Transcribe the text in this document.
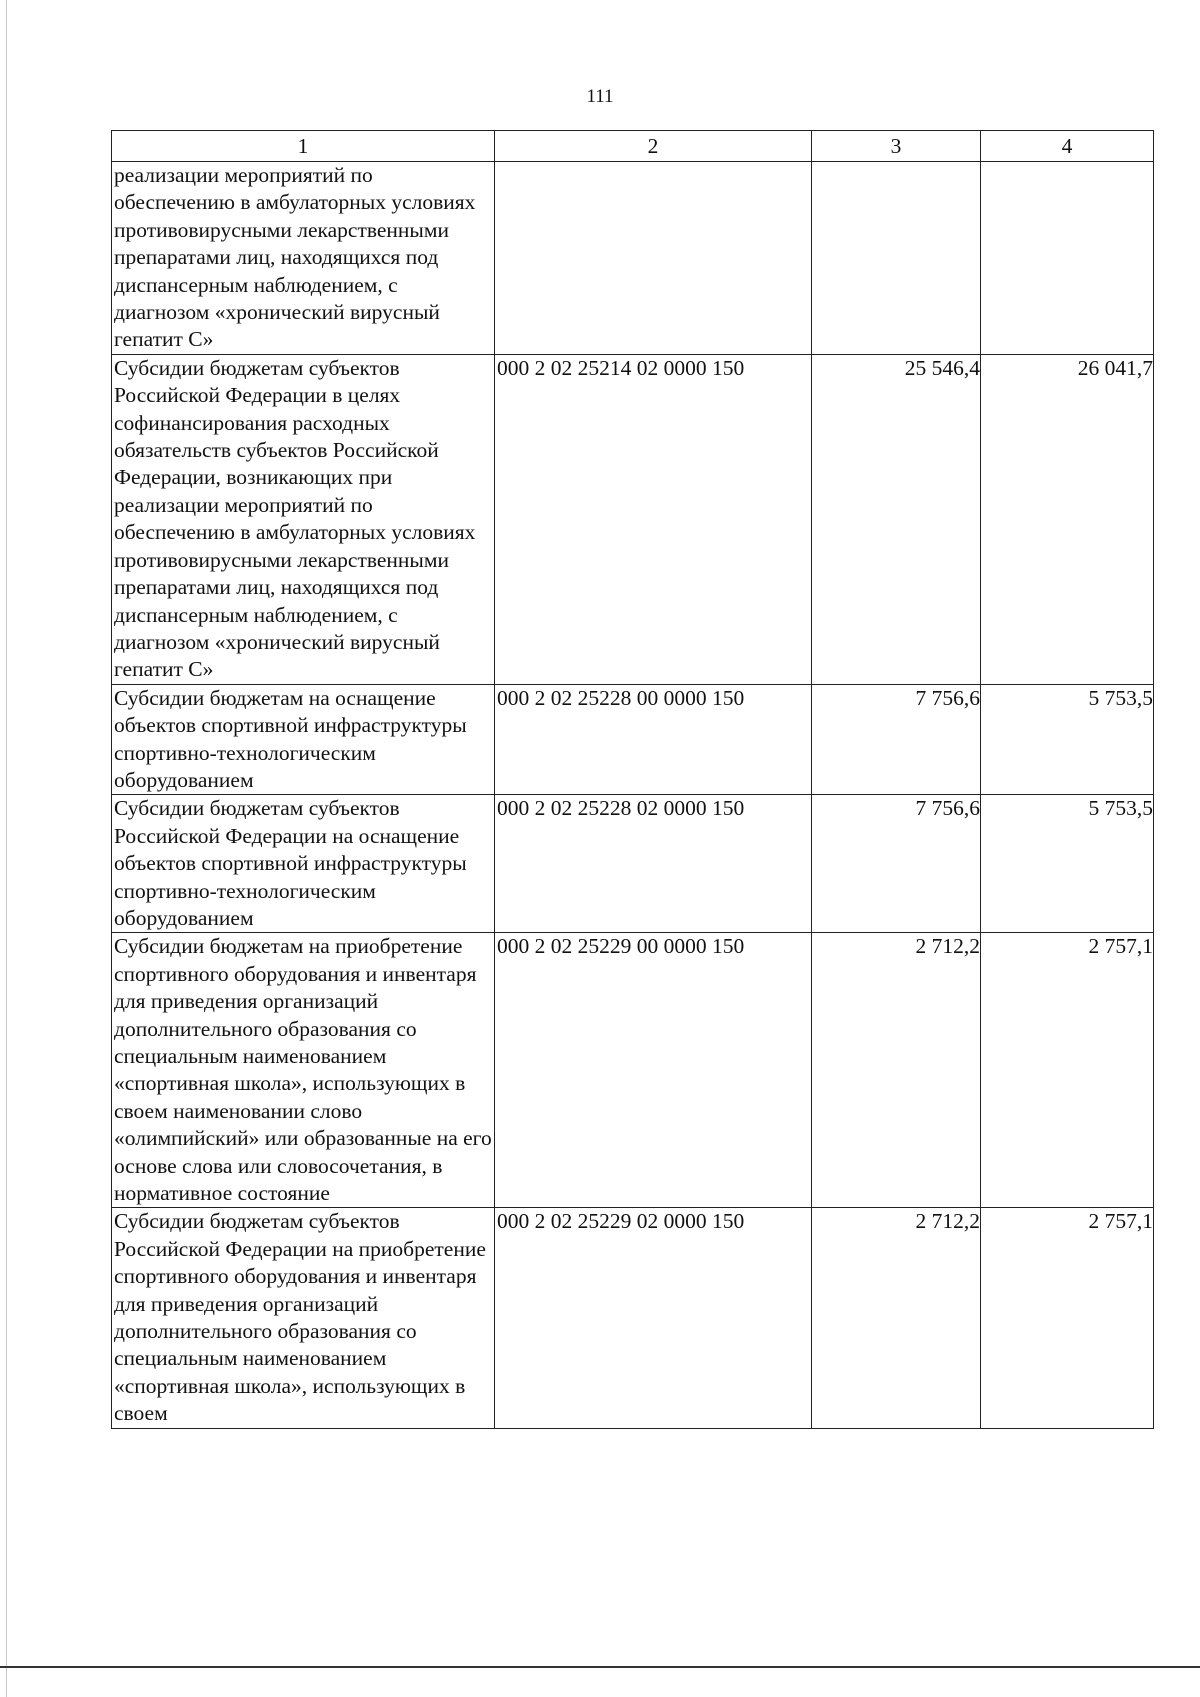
111
1	2	3	4
реализации мероприятий по обеспечению в амбулаторных условиях противовирусными лекарственными препаратами лиц, находящихся под диспансерным наблюдением, с диагнозом «хронический вирусный гепатит С»			
Субсидии бюджетам субъектов Российской Федерации в целях софинансирования расходных обязательств субъектов Российской Федерации, возникающих при реализации мероприятий по обеспечению в амбулаторных условиях противовирусными лекарственными препаратами лиц, находящихся под диспансерным наблюдением, с диагнозом «хронический вирусный гепатит С»	000 2 02 25214 02 0000 150	25 546,4	26 041,7
Субсидии бюджетам на оснащение объектов спортивной инфраструктуры спортивно-технологическим оборудованием	000 2 02 25228 00 0000 150	7 756,6	5 753,5
Субсидии бюджетам субъектов Российской Федерации на оснащение объектов спортивной инфраструктуры спортивно-технологическим оборудованием	000 2 02 25228 02 0000 150	7 756,6	5 753,5
Субсидии бюджетам на приобретение спортивного оборудования и инвентаря для приведения организаций дополнительного образования со специальным наименованием «спортивная школа», использующих в своем наименовании слово «олимпийский» или образованные на его основе слова или словосочетания, в нормативное состояние	000 2 02 25229 00 0000 150	2 712,2	2 757,1
Субсидии бюджетам субъектов Российской Федерации на приобретение спортивного оборудования и инвентаря для приведения организаций дополнительного образования со специальным наименованием «спортивная школа», использующих в своем	000 2 02 25229 02 0000 150	2 712,2	2 757,1
